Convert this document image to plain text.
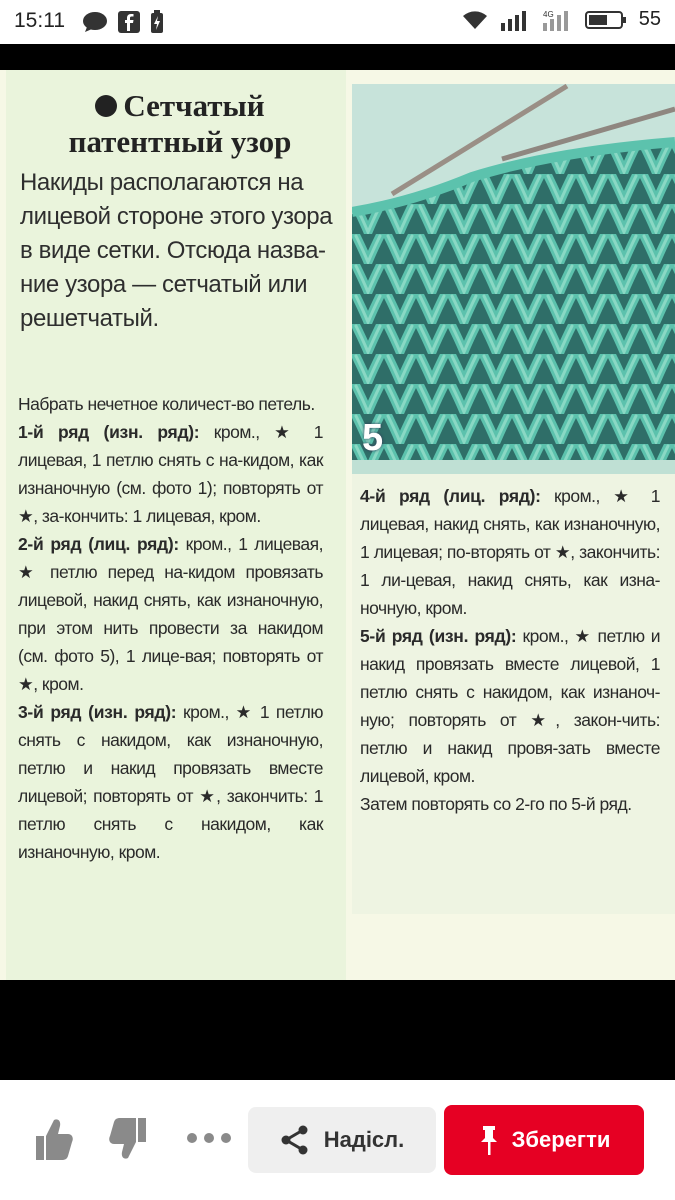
15:11	4G	55
Сетчатый
патентный узор
Накиды располагаются на лицевой стороне этого узора в виде сетки. Отсюда назва-ние узора — сетчатый или решетчатый.

Набрать нечетное количест-во петель.

1-й ряд (изн. ряд): кром., ★ 1 лицевая, 1 петлю снять с на-кидом, как изнаночную (см. фото 1); повторять от ★, за-кончить: 1 лицевая, кром.

2-й ряд (лиц. ряд): кром., 1 лицевая, ★ петлю перед на-кидом провязать лицевой, накид снять, как изнаночную, при этом нить провести за накидом (см. фото 5), 1 лице-вая; повторять от ★, кром.

3-й ряд (изн. ряд): кром., ★ 1 петлю снять с накидом, как изнаночную, петлю и накид провязать вместе лицевой; повторять от ★, закончить: 1 петлю снять с накидом, как изнаночную, кром.

5

4-й ряд (лиц. ряд): кром., ★ 1 лицевая, накид снять, как изнаночную, 1 лицевая; по-вторять от ★, закончить: 1 ли-цевая, накид снять, как изна-ночную, кром.

5-й ряд (изн. ряд): кром., ★ петлю и накид провязать вместе лицевой, 1 петлю снять с накидом, как изнаноч-ную; повторять от ★, закон-чить: петлю и накид провя-зать вместе лицевой, кром.

Затем повторять со 2-го по 5-й ряд.

Надісл.	Зберегти
